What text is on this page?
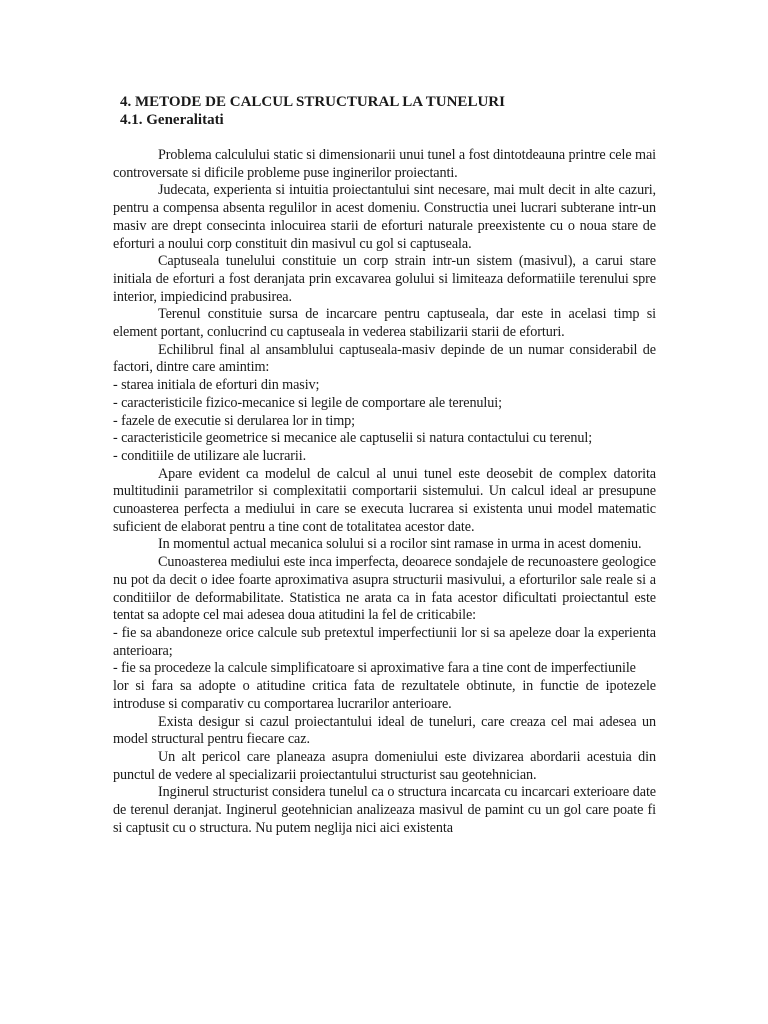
4. METODE DE CALCUL STRUCTURAL LA TUNELURI
4.1. Generalitati

Problema calculului static si dimensionarii unui tunel a fost dintotdeauna printre cele mai controversate si dificile probleme puse inginerilor proiectanti.

Judecata, experienta si intuitia proiectantului sint necesare, mai mult decit in alte cazuri, pentru a compensa absenta regulilor in acest domeniu. Constructia unei lucrari subterane intr-un masiv are drept consecinta inlocuirea starii de eforturi naturale preexistente cu o noua stare de eforturi a noului corp constituit din masivul cu gol si captuseala.

Captuseala tunelului constituie un corp strain intr-un sistem (masivul), a carui stare initiala de eforturi a fost deranjata prin excavarea golului si limiteaza deformatiile terenului spre interior, impiedicind prabusirea.

Terenul constituie sursa de incarcare pentru captuseala, dar este in acelasi timp si element portant, conlucrind cu captuseala in vederea stabilizarii starii de eforturi.

Echilibrul final al ansamblului captuseala-masiv depinde de un numar considerabil de factori, dintre care amintim:

- starea initiala de eforturi din masiv;

- caracteristicile fizico-mecanice si legile de comportare ale terenului;

- fazele de executie si derularea lor in timp;

- caracteristicile geometrice si mecanice ale captuselii si natura contactului cu terenul;

- conditiile de utilizare ale lucrarii.

Apare evident ca modelul de calcul al unui tunel este deosebit de complex datorita multitudinii parametrilor si complexitatii comportarii sistemului. Un calcul ideal ar presupune cunoasterea perfecta a mediului in care se executa lucrarea si existenta unui model matematic suficient de elaborat pentru a tine cont de totalitatea acestor date.

In momentul actual mecanica solului si a rocilor sint ramase in urma in acest domeniu.

Cunoasterea mediului este inca imperfecta, deoarece sondajele de recunoastere geologice nu pot da decit o idee foarte aproximativa asupra structurii masivului, a eforturilor sale reale si a conditiilor de deformabilitate. Statistica ne arata ca in fata acestor dificultati proiectantul este tentat sa adopte cel mai adesea doua atitudini la fel de criticabile:

- fie sa abandoneze orice calcule sub pretextul imperfectiunii lor si sa apeleze doar la experienta anterioara;

- fie sa procedeze la calcule simplificatoare si aproximative fara a tine cont de imperfectiunile

lor si fara sa adopte o atitudine critica fata de rezultatele obtinute, in functie de ipotezele introduse si comparativ cu comportarea lucrarilor anterioare.

Exista desigur si cazul proiectantului ideal de tuneluri, care creaza cel mai adesea un model structural pentru fiecare caz.

Un alt pericol care planeaza asupra domeniului este divizarea abordarii acestuia din punctul de vedere al specializarii proiectantului structurist sau geotehnician.

Inginerul structurist considera tunelul ca o structura incarcata cu incarcari exterioare date de terenul deranjat. Inginerul geotehnician analizeaza masivul de pamint cu un gol care poate fi si captusit cu o structura. Nu putem neglija nici aici existenta
